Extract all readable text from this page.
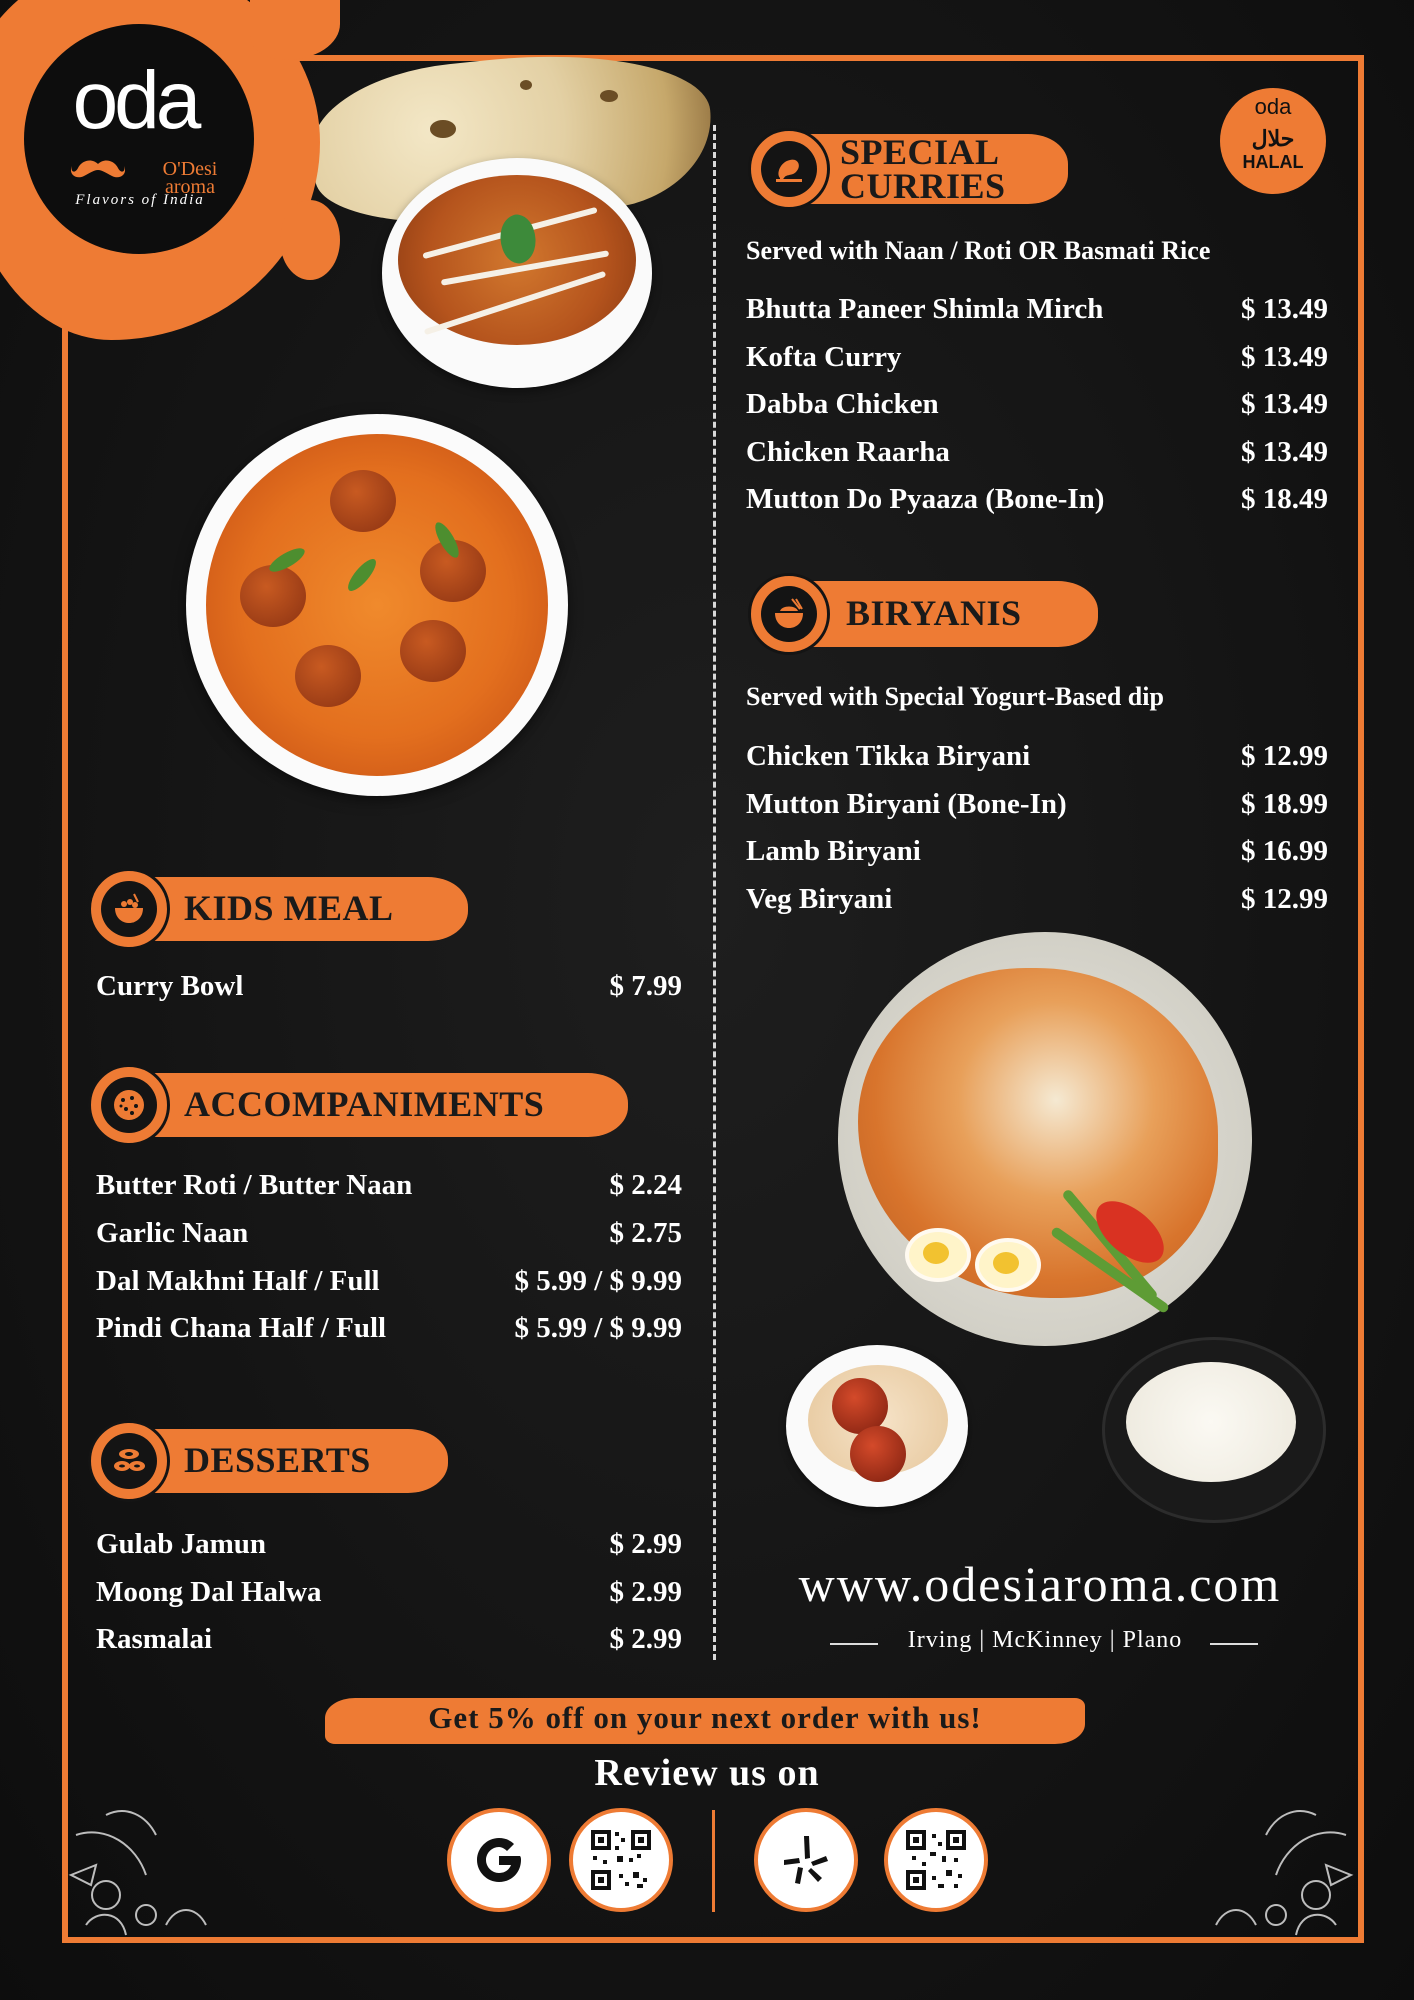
oda
O'Desi
aroma
Flavors of India
oda
حلال
HALAL
SPECIAL
CURRIES
Served with Naan / Roti OR Basmati Rice
Bhutta Paneer Shimla Mirch	$ 13.49
Kofta Curry	$ 13.49
Dabba Chicken	$ 13.49
Chicken Raarha	$ 13.49
Mutton Do Pyaaza (Bone-In)	$ 18.49
BIRYANIS
Served with Special Yogurt-Based dip
Chicken Tikka Biryani	$ 12.99
Mutton Biryani (Bone-In)	$ 18.99
Lamb Biryani	$ 16.99
Veg Biryani	$ 12.99
KIDS MEAL
Curry Bowl	$ 7.99
ACCOMPANIMENTS
Butter Roti / Butter Naan	$ 2.24
Garlic Naan	$ 2.75
Dal Makhni Half / Full	$ 5.99 / $ 9.99
Pindi Chana Half / Full	$ 5.99 / $ 9.99
DESSERTS
Gulab Jamun	$ 2.99
Moong Dal Halwa	$ 2.99
Rasmalai	$ 2.99
www.odesiaroma.com
Irving | McKinney | Plano
Get 5% off on your next order with us!
Review us on
